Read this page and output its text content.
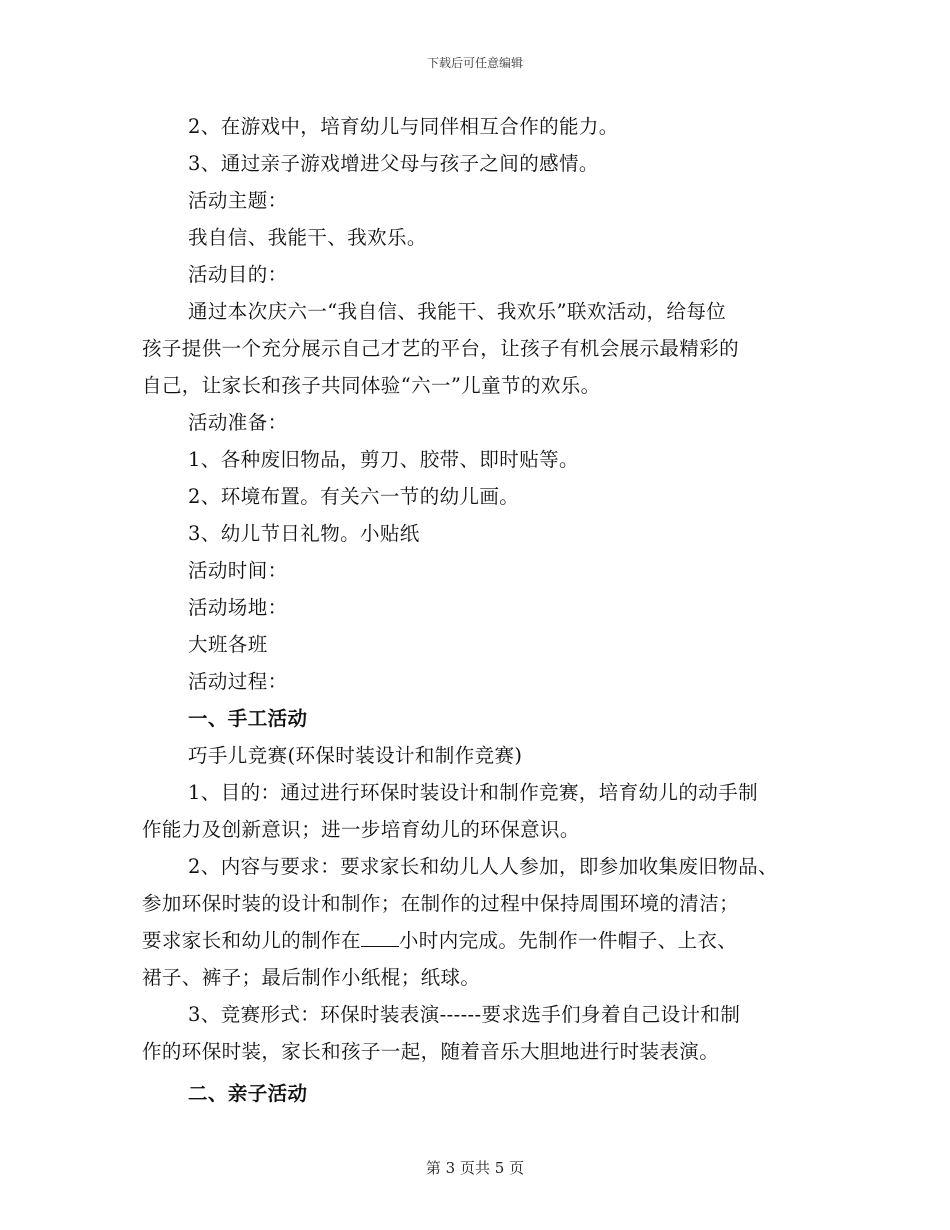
下载后可任意编辑
2、在游戏中，培育幼儿与同伴相互合作的能力。
3、通过亲子游戏增进父母与孩子之间的感情。
活动主题：
我自信、我能干、我欢乐。
活动目的：
通过本次庆六一“我自信、我能干、我欢乐”联欢活动，给每位
孩子提供一个充分展示自己才艺的平台，让孩子有机会展示最精彩的
自己，让家长和孩子共同体验“六一”儿童节的欢乐。
活动准备：
1、各种废旧物品，剪刀、胶带、即时贴等。
2、环境布置。有关六一节的幼儿画。
3、幼儿节日礼物。小贴纸
活动时间：
活动场地：
大班各班
活动过程：
一、手工活动
巧手儿竞赛(环保时装设计和制作竞赛)
1、目的：通过进行环保时装设计和制作竞赛，培育幼儿的动手制
作能力及创新意识；进一步培育幼儿的环保意识。
2、内容与要求：要求家长和幼儿人人参加，即参加收集废旧物品、
参加环保时装的设计和制作；在制作的过程中保持周围环境的清洁；
要求家长和幼儿的制作在 小时内完成。先制作一件帽子、上衣、
裙子、裤子；最后制作小纸棍；纸球。
3、竞赛形式：环保时装表演------要求选手们身着自己设计和制
作的环保时装，家长和孩子一起，随着音乐大胆地进行时装表演。
二、亲子活动
第 3 页共 5 页
